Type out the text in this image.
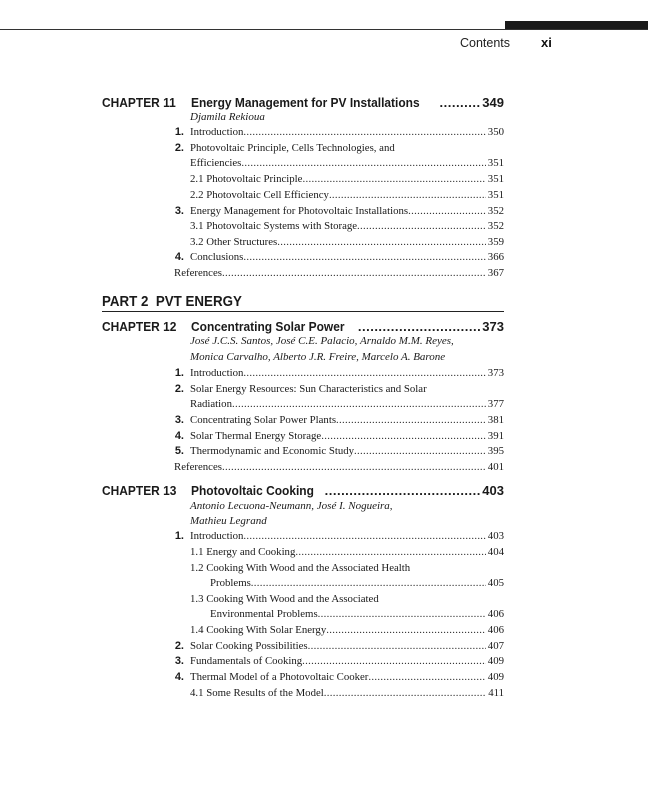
Contents xi
CHAPTER 11 Energy Management for PV Installations .....	349
Djamila Rekioua
1. Introduction .....	350
2. Photovoltaic Principle, Cells Technologies, and
Efficiencies .....	351
2.1 Photovoltaic Principle .....	351
2.2 Photovoltaic Cell Efficiency .....	351
3. Energy Management for Photovoltaic Installations .....	352
3.1 Photovoltaic Systems with Storage .....	352
3.2 Other Structures .....	359
4. Conclusions .....	366
References .....	367
PART 2 PVT ENERGY
CHAPTER 12 Concentrating Solar Power .....	373
José J.C.S. Santos, José C.E. Palacio, Arnaldo M.M. Reyes,
Monica Carvalho, Alberto J.R. Freire, Marcelo A. Barone
1. Introduction .....	373
2. Solar Energy Resources: Sun Characteristics and Solar
Radiation .....	377
3. Concentrating Solar Power Plants .....	381
4. Solar Thermal Energy Storage .....	391
5. Thermodynamic and Economic Study .....	395
References .....	401
CHAPTER 13 Photovoltaic Cooking .....	403
Antonio Lecuona-Neumann, José I. Nogueira,
Mathieu Legrand
1. Introduction .....	403
1.1 Energy and Cooking .....	404
1.2 Cooking With Wood and the Associated Health
Problems .....	405
1.3 Cooking With Wood and the Associated
Environmental Problems .....	406
1.4 Cooking With Solar Energy .....	406
2. Solar Cooking Possibilities .....	407
3. Fundamentals of Cooking .....	409
4. Thermal Model of a Photovoltaic Cooker .....	409
4.1 Some Results of the Model .....	411
